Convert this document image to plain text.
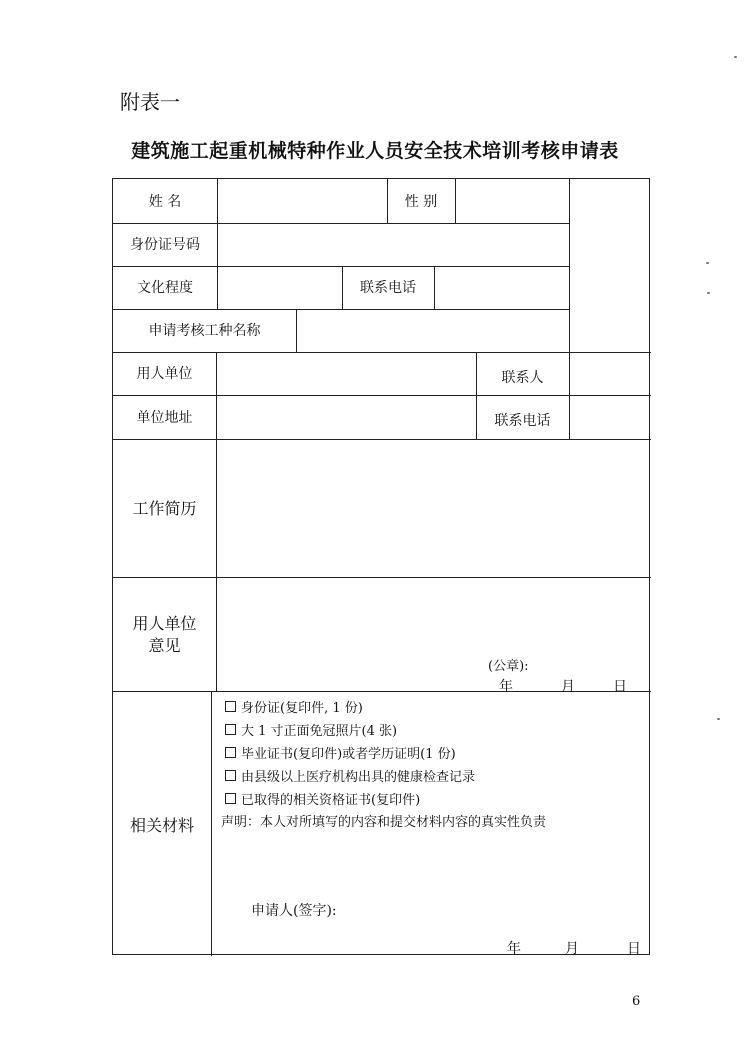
附表一
建筑施工起重机械特种作业人员安全技术培训考核申请表
姓 名	性 别
身份证号码
文化程度	联系电话
申请考核工种名称
用人单位	联系人
单位地址	联系电话
工作简历
用人单位
意见
(公章):
年	月	日
相关材料
身份证(复印件, 1 份)
大 1 寸正面免冠照片(4 张)
毕业证书(复印件)或者学历证明(1 份)
由县级以上医疗机构出具的健康检查记录
已取得的相关资格证书(复印件)
声明：本人对所填写的内容和提交材料内容的真实性负责
申请人(签字):
年	月	日
6
